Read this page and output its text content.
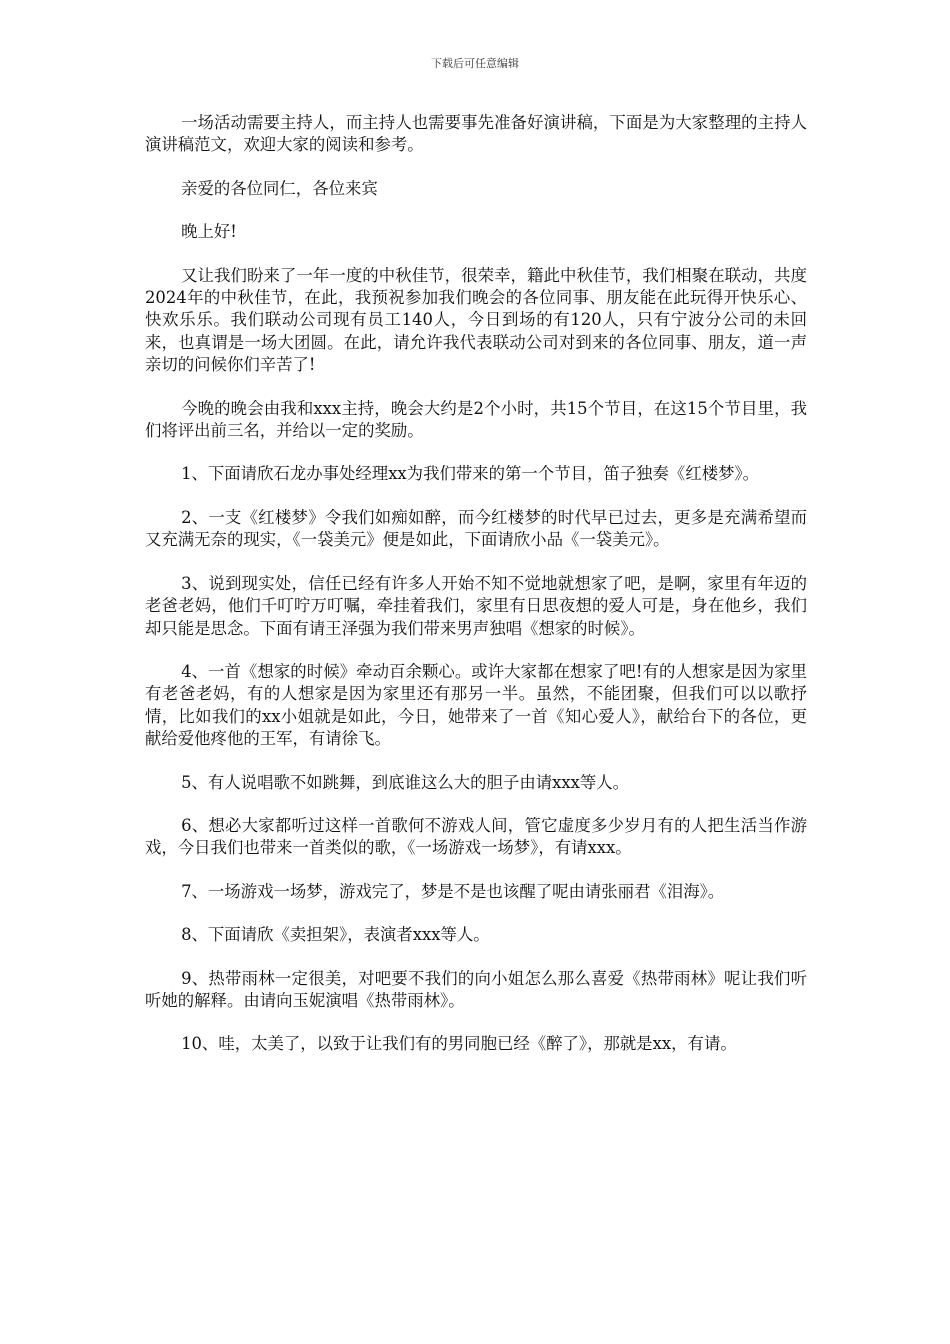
下载后可任意编辑

一场活动需要主持人，而主持人也需要事先准备好演讲稿，下面是为大家整理的主持人演讲稿范文，欢迎大家的阅读和参考。

亲爱的各位同仁，各位来宾

晚上好!

又让我们盼来了一年一度的中秋佳节，很荣幸，籍此中秋佳节，我们相聚在联动，共度2024年的中秋佳节，在此，我预祝参加我们晚会的各位同事、朋友能在此玩得开快乐心、快欢乐乐。我们联动公司现有员工140人，今日到场的有120人，只有宁波分公司的未回来，也真谓是一场大团圆。在此，请允许我代表联动公司对到来的各位同事、朋友，道一声亲切的问候你们辛苦了!

今晚的晚会由我和xxx主持，晚会大约是2个小时，共15个节目，在这15个节目里，我们将评出前三名，并给以一定的奖励。

1、下面请欣石龙办事处经理xx为我们带来的第一个节目，笛子独奏《红楼梦》。

2、一支《红楼梦》令我们如痴如醉，而今红楼梦的时代早已过去，更多是充满希望而又充满无奈的现实，《一袋美元》便是如此，下面请欣小品《一袋美元》。

3、说到现实处，信任已经有许多人开始不知不觉地就想家了吧，是啊，家里有年迈的老爸老妈，他们千叮咛万叮嘱，牵挂着我们，家里有日思夜想的爱人可是，身在他乡，我们却只能是思念。下面有请王泽强为我们带来男声独唱《想家的时候》。

4、一首《想家的时候》牵动百余颗心。或许大家都在想家了吧!有的人想家是因为家里有老爸老妈，有的人想家是因为家里还有那另一半。虽然，不能团聚，但我们可以以歌抒情，比如我们的xx小姐就是如此，今日，她带来了一首《知心爱人》，献给台下的各位，更献给爱他疼他的王军，有请徐飞。

5、有人说唱歌不如跳舞，到底谁这么大的胆子由请xxx等人。

6、想必大家都听过这样一首歌何不游戏人间，管它虚度多少岁月有的人把生活当作游戏，今日我们也带来一首类似的歌，《一场游戏一场梦》，有请xxx。

7、一场游戏一场梦，游戏完了，梦是不是也该醒了呢由请张丽君《泪海》。

8、下面请欣《卖担架》，表演者xxx等人。

9、热带雨林一定很美，对吧要不我们的向小姐怎么那么喜爱《热带雨林》呢让我们听听她的解释。由请向玉妮演唱《热带雨林》。

10、哇，太美了，以致于让我们有的男同胞已经《醉了》，那就是xx，有请。
